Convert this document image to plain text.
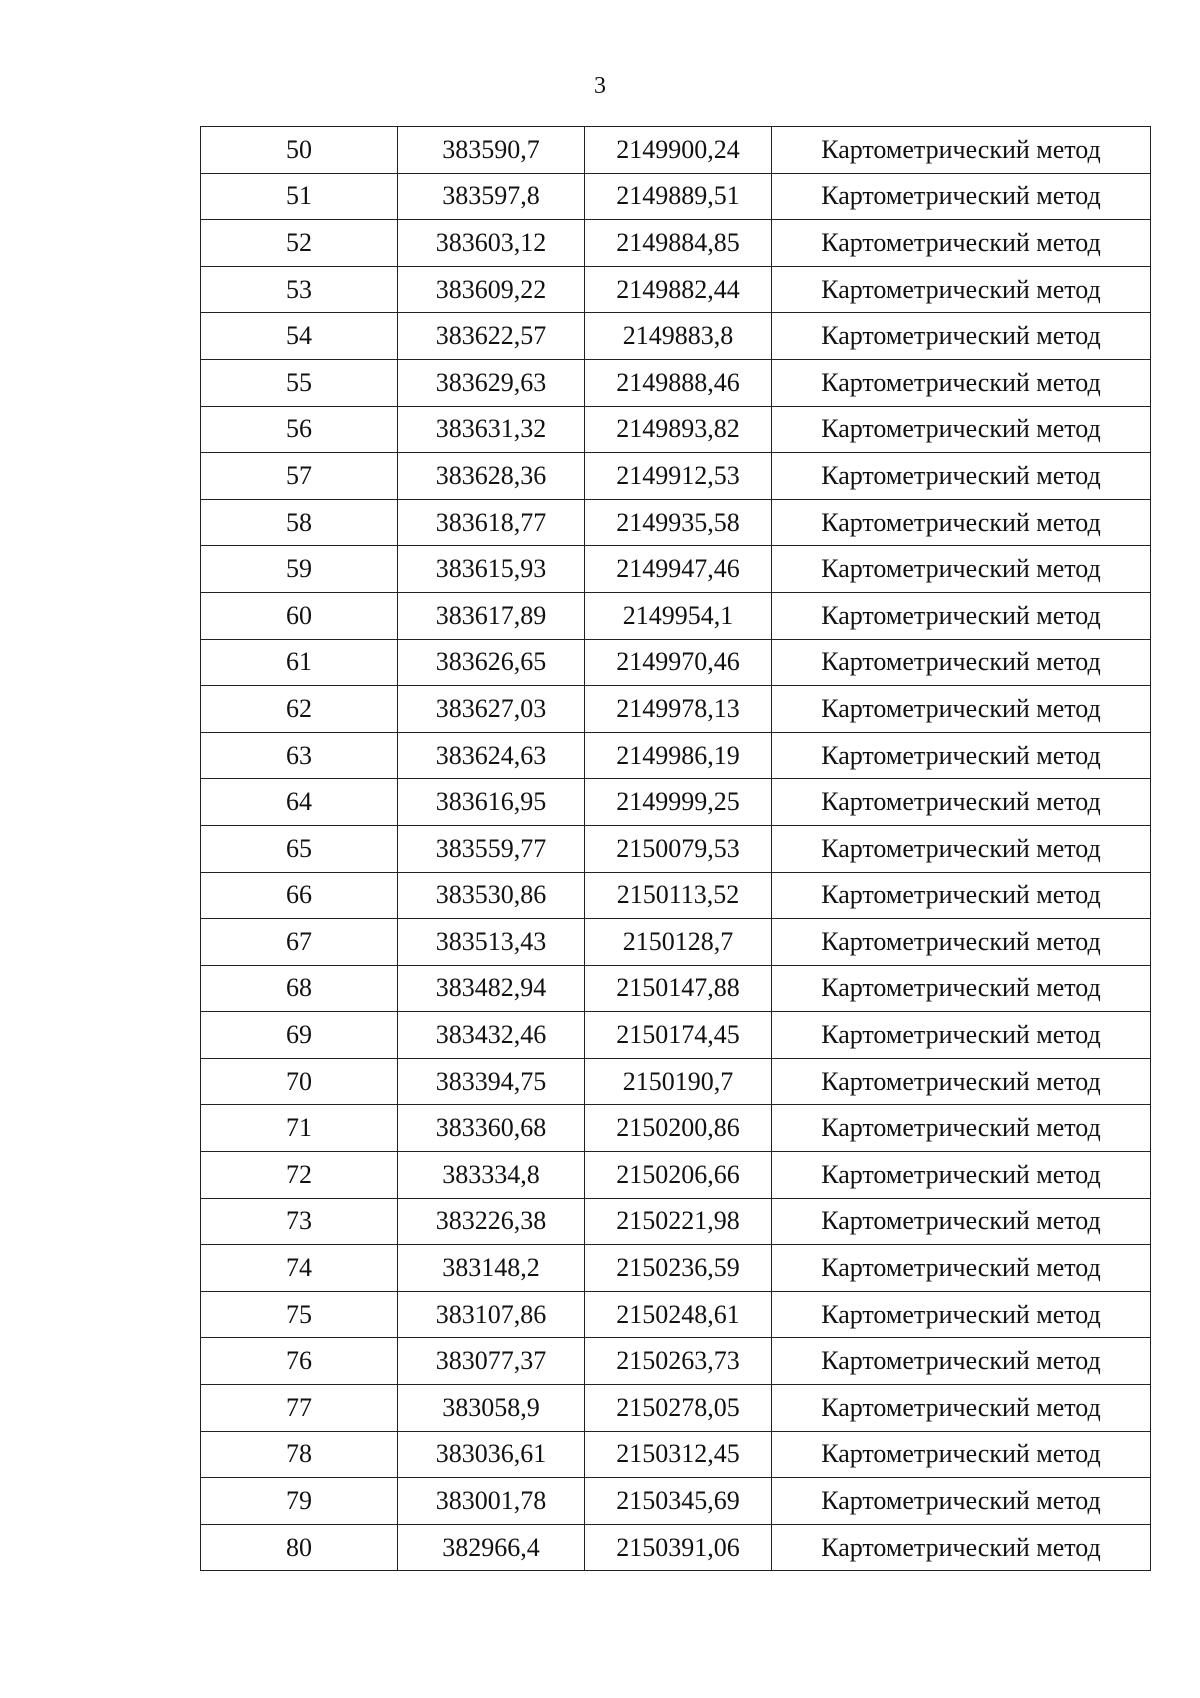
3
50	383590,7	2149900,24	Картометрический метод
51	383597,8	2149889,51	Картометрический метод
52	383603,12	2149884,85	Картометрический метод
53	383609,22	2149882,44	Картометрический метод
54	383622,57	2149883,8	Картометрический метод
55	383629,63	2149888,46	Картометрический метод
56	383631,32	2149893,82	Картометрический метод
57	383628,36	2149912,53	Картометрический метод
58	383618,77	2149935,58	Картометрический метод
59	383615,93	2149947,46	Картометрический метод
60	383617,89	2149954,1	Картометрический метод
61	383626,65	2149970,46	Картометрический метод
62	383627,03	2149978,13	Картометрический метод
63	383624,63	2149986,19	Картометрический метод
64	383616,95	2149999,25	Картометрический метод
65	383559,77	2150079,53	Картометрический метод
66	383530,86	2150113,52	Картометрический метод
67	383513,43	2150128,7	Картометрический метод
68	383482,94	2150147,88	Картометрический метод
69	383432,46	2150174,45	Картометрический метод
70	383394,75	2150190,7	Картометрический метод
71	383360,68	2150200,86	Картометрический метод
72	383334,8	2150206,66	Картометрический метод
73	383226,38	2150221,98	Картометрический метод
74	383148,2	2150236,59	Картометрический метод
75	383107,86	2150248,61	Картометрический метод
76	383077,37	2150263,73	Картометрический метод
77	383058,9	2150278,05	Картометрический метод
78	383036,61	2150312,45	Картометрический метод
79	383001,78	2150345,69	Картометрический метод
80	382966,4	2150391,06	Картометрический метод
